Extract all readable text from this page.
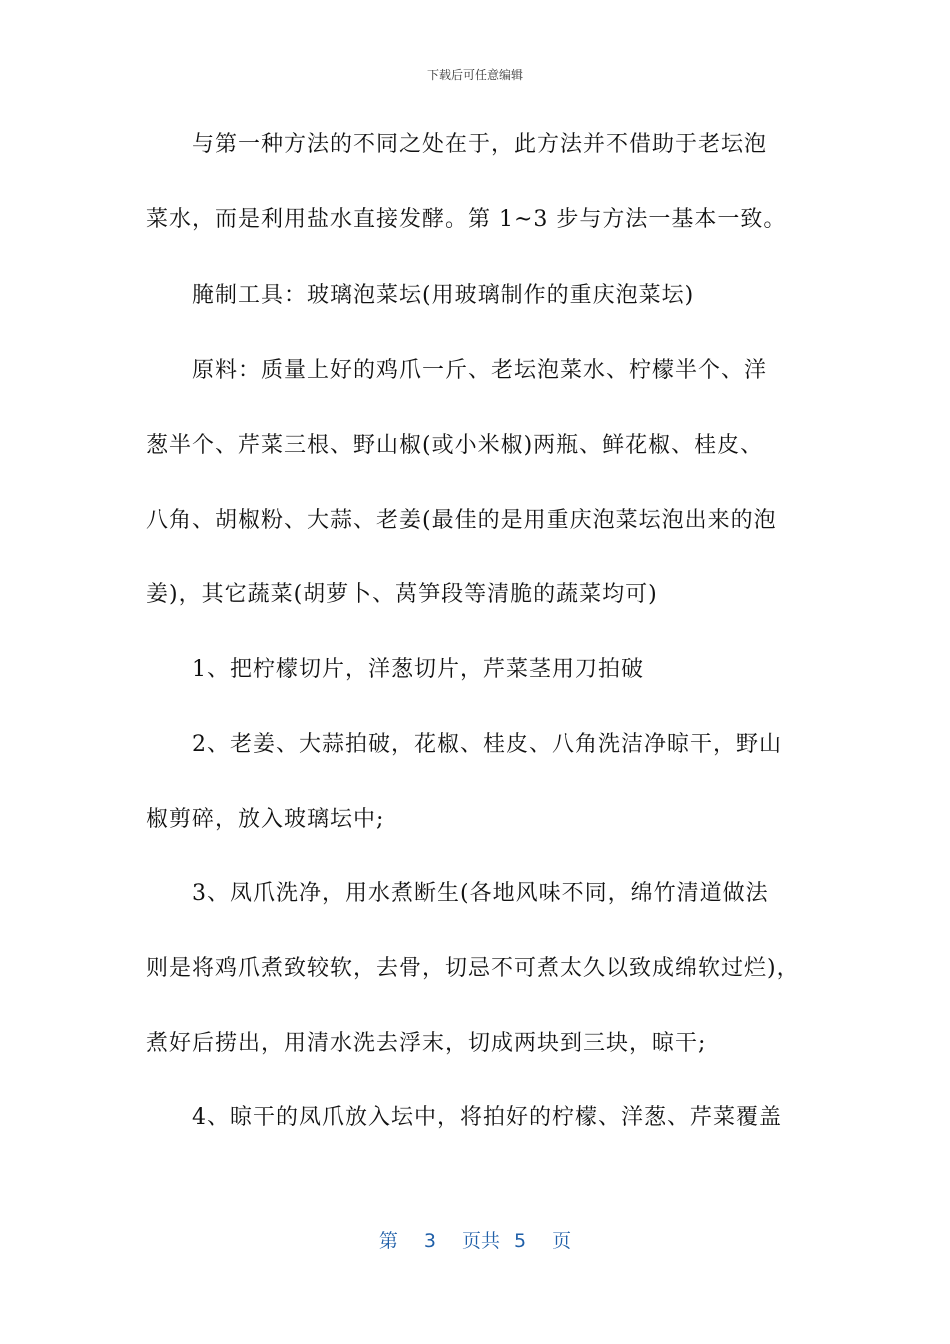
下载后可任意编辑
与第一种方法的不同之处在于，此方法并不借助于老坛泡
菜水，而是利用盐水直接发酵。第 1~3 步与方法一基本一致。
腌制工具：玻璃泡菜坛(用玻璃制作的重庆泡菜坛)
原料：质量上好的鸡爪一斤、老坛泡菜水、柠檬半个、洋
葱半个、芹菜三根、野山椒(或小米椒)两瓶、鲜花椒、桂皮、
八角、胡椒粉、大蒜、老姜(最佳的是用重庆泡菜坛泡出来的泡
姜)，其它蔬菜(胡萝卜、莴笋段等清脆的蔬菜均可)
1、把柠檬切片，洋葱切片，芹菜茎用刀拍破
2、老姜、大蒜拍破，花椒、桂皮、八角洗洁净晾干，野山
椒剪碎，放入玻璃坛中;
3、凤爪洗净，用水煮断生(各地风味不同，绵竹清道做法
则是将鸡爪煮致较软，去骨，切忌不可煮太久以致成绵软过烂)，
煮好后捞出，用清水洗去浮末，切成两块到三块，晾干;
4、晾干的凤爪放入坛中，将拍好的柠檬、洋葱、芹菜覆盖
第 3 页共 5 页
